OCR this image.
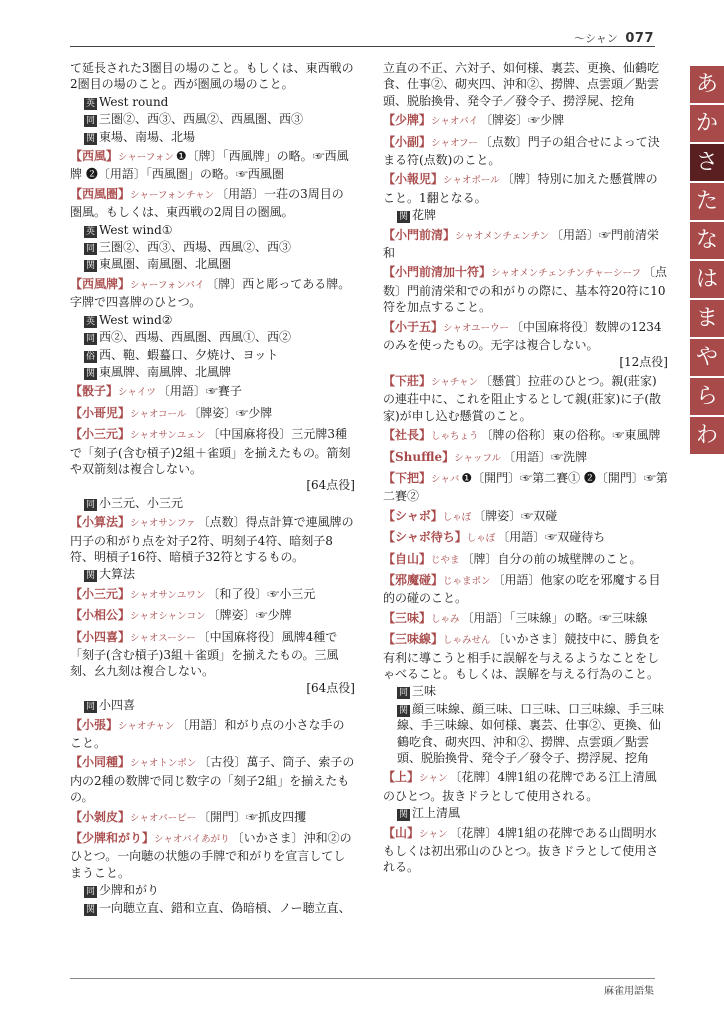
〜シャン 077
あ
か
さ
た
な
は
ま
や
ら
わ
て延長された3圏目の場のこと。もしくは、東西戦の2圏目の場のこと。西が圏風の場のこと。
英 West round
同 三圏②、西③、西風②、西風圏、西③
関 東場、南場、北場
【西風】シャーフォン ❶〔牌〕「西風牌」の略。☞西風牌 ❷〔用語〕「西風圏」の略。☞西風圏
【西風圏】シャーフォンチャン 〔用語〕一荘の3周目の圏風。もしくは、東西戦の2周目の圏風。
英 West wind①
同 三圏②、西③、西場、西風②、西③
関 東風圏、南風圏、北風圏
【西風牌】シャーフォンパイ 〔牌〕西と彫ってある牌。字牌で四喜牌のひとつ。
英 West wind②
同 西②、西場、西風圏、西風①、西②
俗 西、鞄、蝦蟇口、夕焼け、ヨット
関 東風牌、南風牌、北風牌
【骰子】シャイツ 〔用語〕☞賽子
【小哥児】シャオコール 〔牌姿〕☞少牌
【小三元】シャオサンユェン 〔中国麻将役〕三元牌3種で「刻子(含む槓子)2組＋雀頭」を揃えたもの。箭刻や双箭刻は複合しない。
[64点役]
同 小三元、小三元
【小算法】シャオサンファ 〔点数〕得点計算で連風牌の円子の和がり点を対子2符、明刻子4符、暗刻子8符、明槓子16符、暗槓子32符とするもの。
関 大算法
【小三元】シャオサンユワン 〔和了役〕☞小三元
【小相公】シャオシャンコン 〔牌姿〕☞少牌
【小四喜】シャオスーシー 〔中国麻将役〕風牌4種で「刻子(含む槓子)3組＋雀頭」を揃えたもの。三風刻、幺九刻は複合しない。
[64点役]
同 小四喜
【小張】シャオチャン 〔用語〕和がり点の小さな手のこと。
【小同種】シャオトンポン 〔古役〕萬子、筒子、索子の内の2種の数牌で同じ数字の「刻子2組」を揃えたもの。
【小剝皮】シャオパーピー 〔開門〕☞抓皮四攫
【少牌和がり】シャオパイあがり 〔いかさま〕沖和②のひとつ。一向聴の状態の手牌で和がりを宣言してしまうこと。
同 少牌和がり
関 一向聴立直、錯和立直、偽暗槓、ノー聴立直、
立直の不正、六対子、如何様、裏芸、更換、仙鶴吃食、仕事②、砌夾四、沖和②、撈牌、点雲頭／點雲頭、脱胎換骨、発令子／發令子、撈浮屍、挖角
【少牌】シャオパイ 〔牌姿〕☞少牌
【小副】シャオフー 〔点数〕門子の組合せによって決まる符(点数)のこと。
【小報児】シャオボール 〔牌〕特別に加えた懸賞牌のこと。1翻となる。
関 花牌
【小門前清】シャオメンチェンチン 〔用語〕☞門前清栄和
【小門前清加十符】シャオメンチェンチンチャーシーフ 〔点数〕門前清栄和での和がりの際に、基本符20符に10符を加点すること。
【小于五】シャオユーウー 〔中国麻将役〕数牌の1234のみを使ったもの。无字は複合しない。
[12点役]
【下莊】シャチャン 〔懸賞〕拉莊のひとつ。親(莊家)の連荘中に、これを阻止するとして親(莊家)に子(散家)が申し込む懸賞のこと。
【社長】しゃちょう 〔牌の俗称〕東の俗称。☞東風牌
【Shuffle】シャッフル 〔用語〕☞洗牌
【下把】シャバ ❶〔開門〕☞第二賽① ❷〔開門〕☞第二賽②
【シャボ】しゃぼ 〔牌姿〕☞双碰
【シャボ待ち】しゃぼ 〔用語〕☞双碰待ち
【自山】じやま 〔牌〕自分の前の城壁牌のこと。
【邪魔碰】じゃまポン 〔用語〕他家の吃を邪魔する目的の碰のこと。
【三味】しゃみ 〔用語〕「三味線」の略。☞三味線
【三味線】しゃみせん 〔いかさま〕競技中に、勝負を有利に導こうと相手に誤解を与えるようなことをしゃべること。もしくは、誤解を与える行為のこと。
同 三味
関 顔三味線、顔三味、口三味、口三味線、手三味線、手三味線、如何様、裏芸、仕事②、更換、仙鶴吃食、砌夾四、沖和②、撈牌、点雲頭／點雲頭、脱胎換骨、発令子／發令子、撈浮屍、挖角
【上】シャン 〔花牌〕4牌1組の花牌である江上清風のひとつ。抜きドラとして使用される。
関 江上清風
【山】シャン 〔花牌〕4牌1組の花牌である山間明水もしくは初出邪山のひとつ。抜きドラとして使用される。
麻雀用語集
